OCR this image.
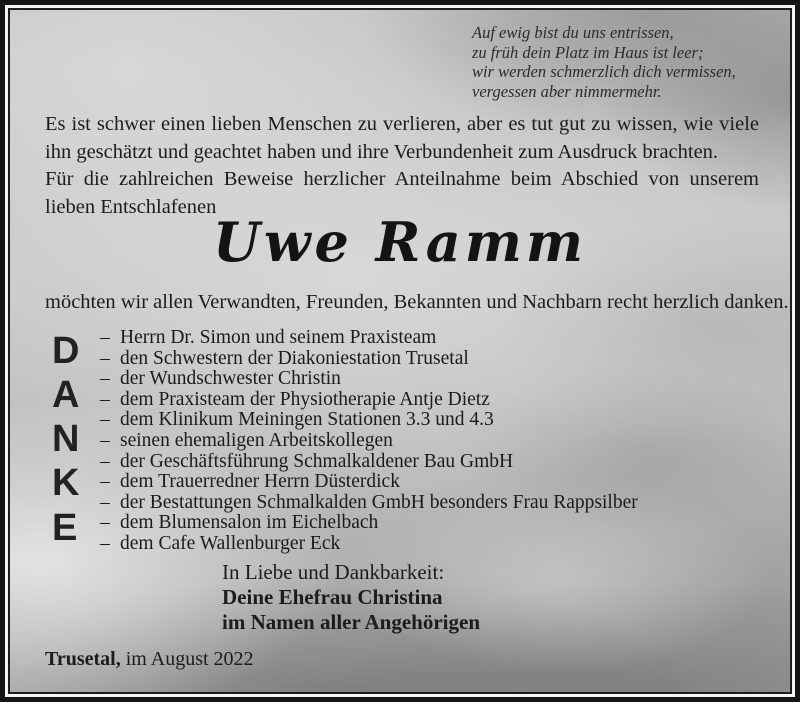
Auf ewig bist du uns entrissen,
zu früh dein Platz im Haus ist leer;
wir werden schmerzlich dich vermissen,
vergessen aber nimmermehr.

Es ist schwer einen lieben Menschen zu verlieren, aber es tut gut zu wissen, wie viele ihn geschätzt und geachtet haben und ihre Verbundenheit zum Ausdruck brachten.

Für die zahlreichen Beweise herzlicher Anteilnahme beim Abschied von unserem lieben Entschlafenen

Uwe Ramm
möchten wir allen Verwandten, Freunden, Bekannten und Nachbarn recht herzlich danken.
D
A
N
K
E
– Herrn Dr. Simon und seinem Praxisteam
– den Schwestern der Diakoniestation Trusetal
– der Wundschwester Christin
– dem Praxisteam der Physiotherapie Antje Dietz
– dem Klinikum Meiningen Stationen 3.3 und 4.3
– seinen ehemaligen Arbeitskollegen
– der Geschäftsführung Schmalkaldener Bau GmbH
– dem Trauerredner Herrn Düsterdick
– der Bestattungen Schmalkalden GmbH besonders Frau Rappsilber
– dem Blumensalon im Eichelbach
– dem Cafe Wallenburger Eck
In Liebe und Dankbarkeit:
Deine Ehefrau Christina
im Namen aller Angehörigen
Trusetal, im August 2022
